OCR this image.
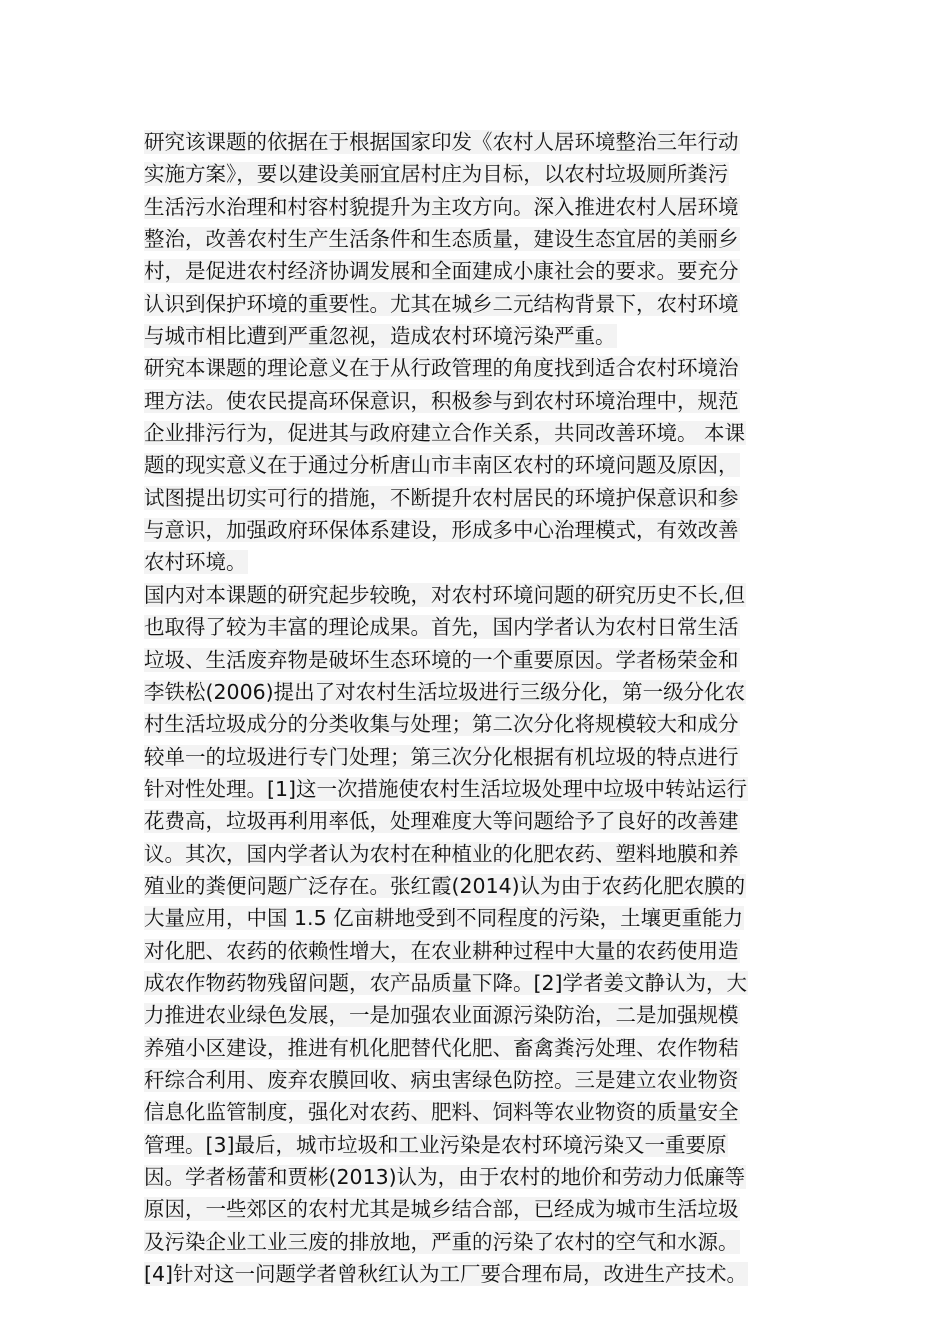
研究该课题的依据在于根据国家印发《农村人居环境整治三年行动
实施方案》，要以建设美丽宜居村庄为目标，以农村垃圾厕所粪污
生活污水治理和村容村貌提升为主攻方向。深入推进农村人居环境
整治，改善农村生产生活条件和生态质量，建设生态宜居的美丽乡
村，是促进农村经济协调发展和全面建成小康社会的要求。要充分
认识到保护环境的重要性。尤其在城乡二元结构背景下，农村环境
与城市相比遭到严重忽视，造成农村环境污染严重。
研究本课题的理论意义在于从行政管理的角度找到适合农村环境治
理方法。使农民提高环保意识，积极参与到农村环境治理中，规范
企业排污行为，促进其与政府建立合作关系，共同改善环境。 本课
题的现实意义在于通过分析唐山市丰南区农村的环境问题及原因，
试图提出切实可行的措施，不断提升农村居民的环境护保意识和参
与意识，加强政府环保体系建设，形成多中心治理模式，有效改善
农村环境。
国内对本课题的研究起步较晚，对农村环境问题的研究历史不长,但
也取得了较为丰富的理论成果。首先，国内学者认为农村日常生活
垃圾、生活废弃物是破坏生态环境的一个重要原因。学者杨荣金和
李铁松(2006)提出了对农村生活垃圾进行三级分化，第一级分化农
村生活垃圾成分的分类收集与处理；第二次分化将规模较大和成分
较单一的垃圾进行专门处理；第三次分化根据有机垃圾的特点进行
针对性处理。[1]这一次措施使农村生活垃圾处理中垃圾中转站运行
花费高，垃圾再利用率低，处理难度大等问题给予了良好的改善建
议。其次，国内学者认为农村在种植业的化肥农药、塑料地膜和养
殖业的粪便问题广泛存在。张红霞(2014)认为由于农药化肥农膜的
大量应用，中国 1.5 亿亩耕地受到不同程度的污染，土壤更重能力
对化肥、农药的依赖性增大，在农业耕种过程中大量的农药使用造
成农作物药物残留问题，农产品质量下降。[2]学者姜文静认为，大
力推进农业绿色发展，一是加强农业面源污染防治，二是加强规模
养殖小区建设，推进有机化肥替代化肥、畜禽粪污处理、农作物秸
秆综合利用、废弃农膜回收、病虫害绿色防控。三是建立农业物资
信息化监管制度，强化对农药、肥料、饲料等农业物资的质量安全
管理。[3]最后，城市垃圾和工业污染是农村环境污染又一重要原
因。学者杨蕾和贾彬(2013)认为，由于农村的地价和劳动力低廉等
原因，一些郊区的农村尤其是城乡结合部，已经成为城市生活垃圾
及污染企业工业三废的排放地，严重的污染了农村的空气和水源。
[4]针对这一问题学者曾秋红认为工厂要合理布局，改进生产技术。
